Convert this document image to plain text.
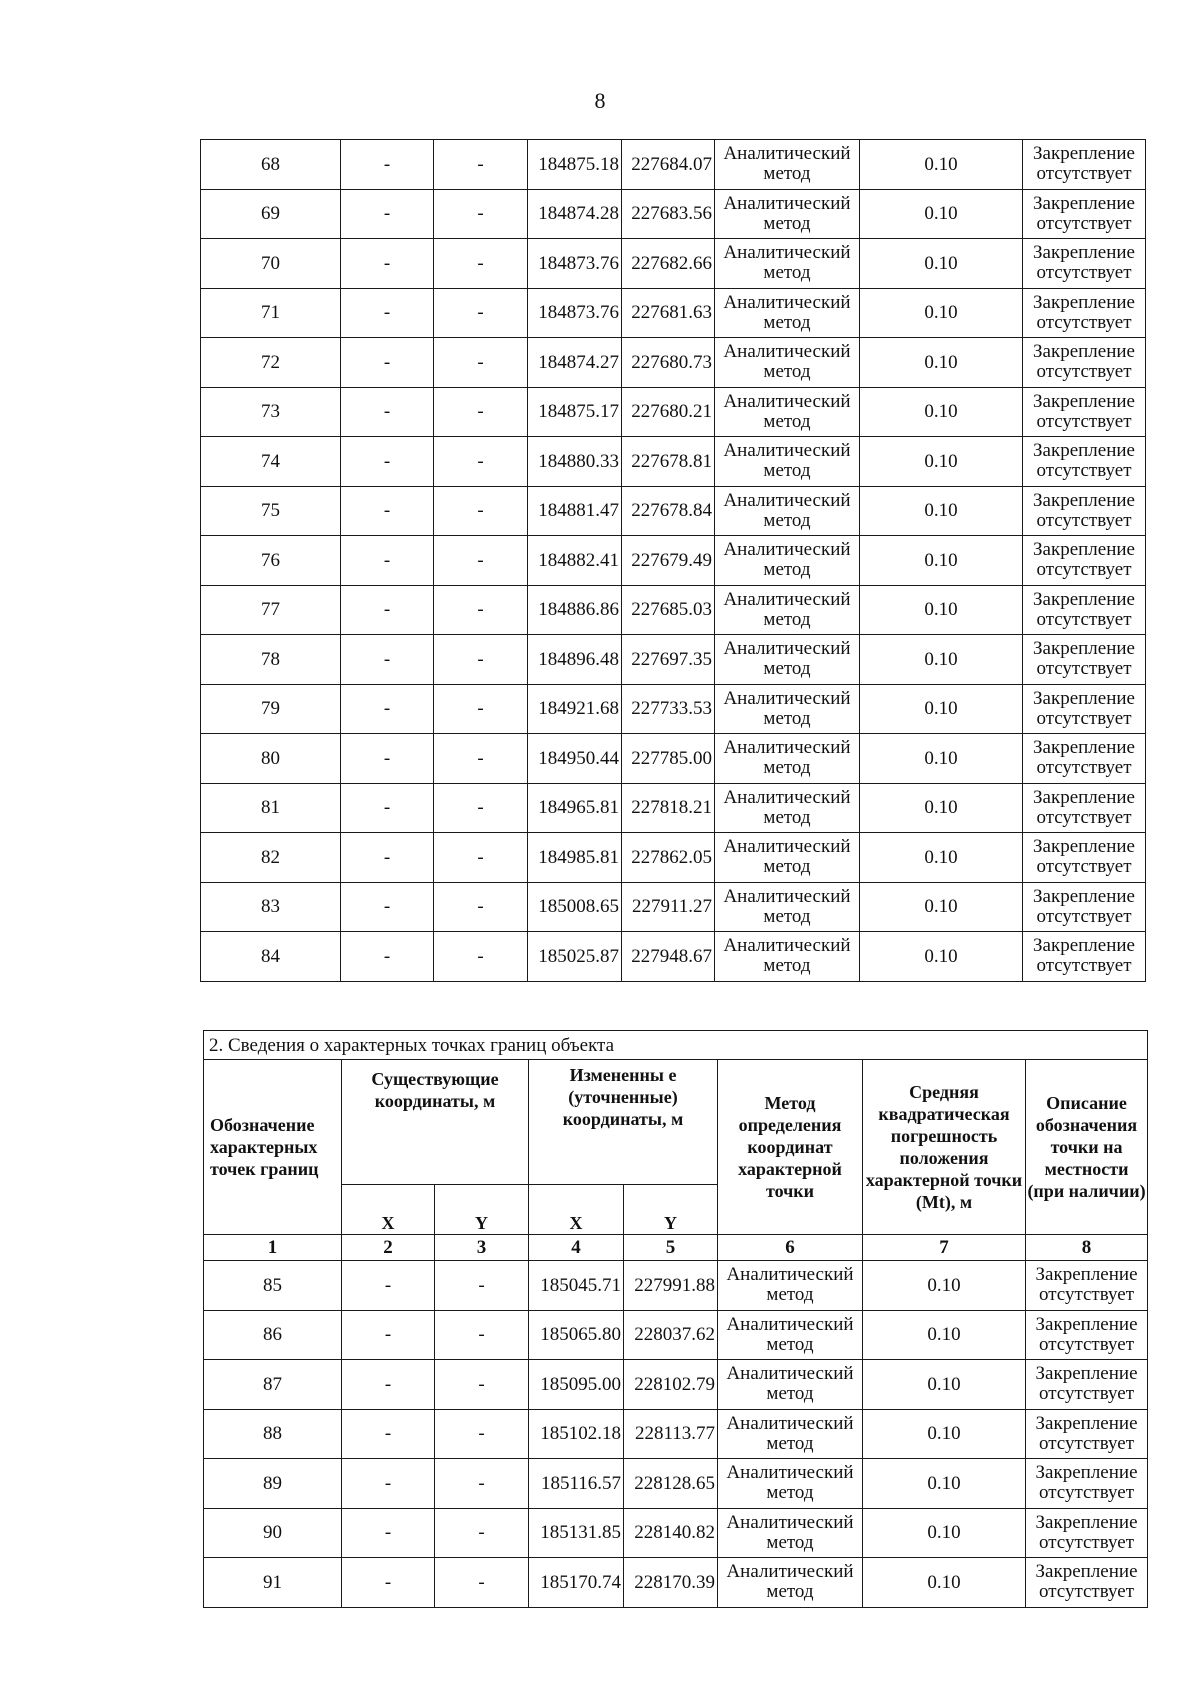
8
68	-	-	184875.18	227684.07	Аналитический метод	0.10	Закрепление отсутствует
69	-	-	184874.28	227683.56	Аналитический метод	0.10	Закрепление отсутствует
70	-	-	184873.76	227682.66	Аналитический метод	0.10	Закрепление отсутствует
71	-	-	184873.76	227681.63	Аналитический метод	0.10	Закрепление отсутствует
72	-	-	184874.27	227680.73	Аналитический метод	0.10	Закрепление отсутствует
73	-	-	184875.17	227680.21	Аналитический метод	0.10	Закрепление отсутствует
74	-	-	184880.33	227678.81	Аналитический метод	0.10	Закрепление отсутствует
75	-	-	184881.47	227678.84	Аналитический метод	0.10	Закрепление отсутствует
76	-	-	184882.41	227679.49	Аналитический метод	0.10	Закрепление отсутствует
77	-	-	184886.86	227685.03	Аналитический метод	0.10	Закрепление отсутствует
78	-	-	184896.48	227697.35	Аналитический метод	0.10	Закрепление отсутствует
79	-	-	184921.68	227733.53	Аналитический метод	0.10	Закрепление отсутствует
80	-	-	184950.44	227785.00	Аналитический метод	0.10	Закрепление отсутствует
81	-	-	184965.81	227818.21	Аналитический метод	0.10	Закрепление отсутствует
82	-	-	184985.81	227862.05	Аналитический метод	0.10	Закрепление отсутствует
83	-	-	185008.65	227911.27	Аналитический метод	0.10	Закрепление отсутствует
84	-	-	185025.87	227948.67	Аналитический метод	0.10	Закрепление отсутствует
2. Сведения о характерных точках границ объекта							
Обозначение характерных точек границ	Существующие координаты, м		Измененны е (уточненные) координаты, м		Метод определения координат характерной точки	Средняя квадратическая погрешность положения характерной точки (Mt), м	Описание обозначения точки на местности (при наличии)
	X	Y	X	Y			
1	2	3	4	5	6	7	8
85	-	-	185045.71	227991.88	Аналитический метод	0.10	Закрепление отсутствует
86	-	-	185065.80	228037.62	Аналитический метод	0.10	Закрепление отсутствует
87	-	-	185095.00	228102.79	Аналитический метод	0.10	Закрепление отсутствует
88	-	-	185102.18	228113.77	Аналитический метод	0.10	Закрепление отсутствует
89	-	-	185116.57	228128.65	Аналитический метод	0.10	Закрепление отсутствует
90	-	-	185131.85	228140.82	Аналитический метод	0.10	Закрепление отсутствует
91	-	-	185170.74	228170.39	Аналитический метод	0.10	Закрепление отсутствует
